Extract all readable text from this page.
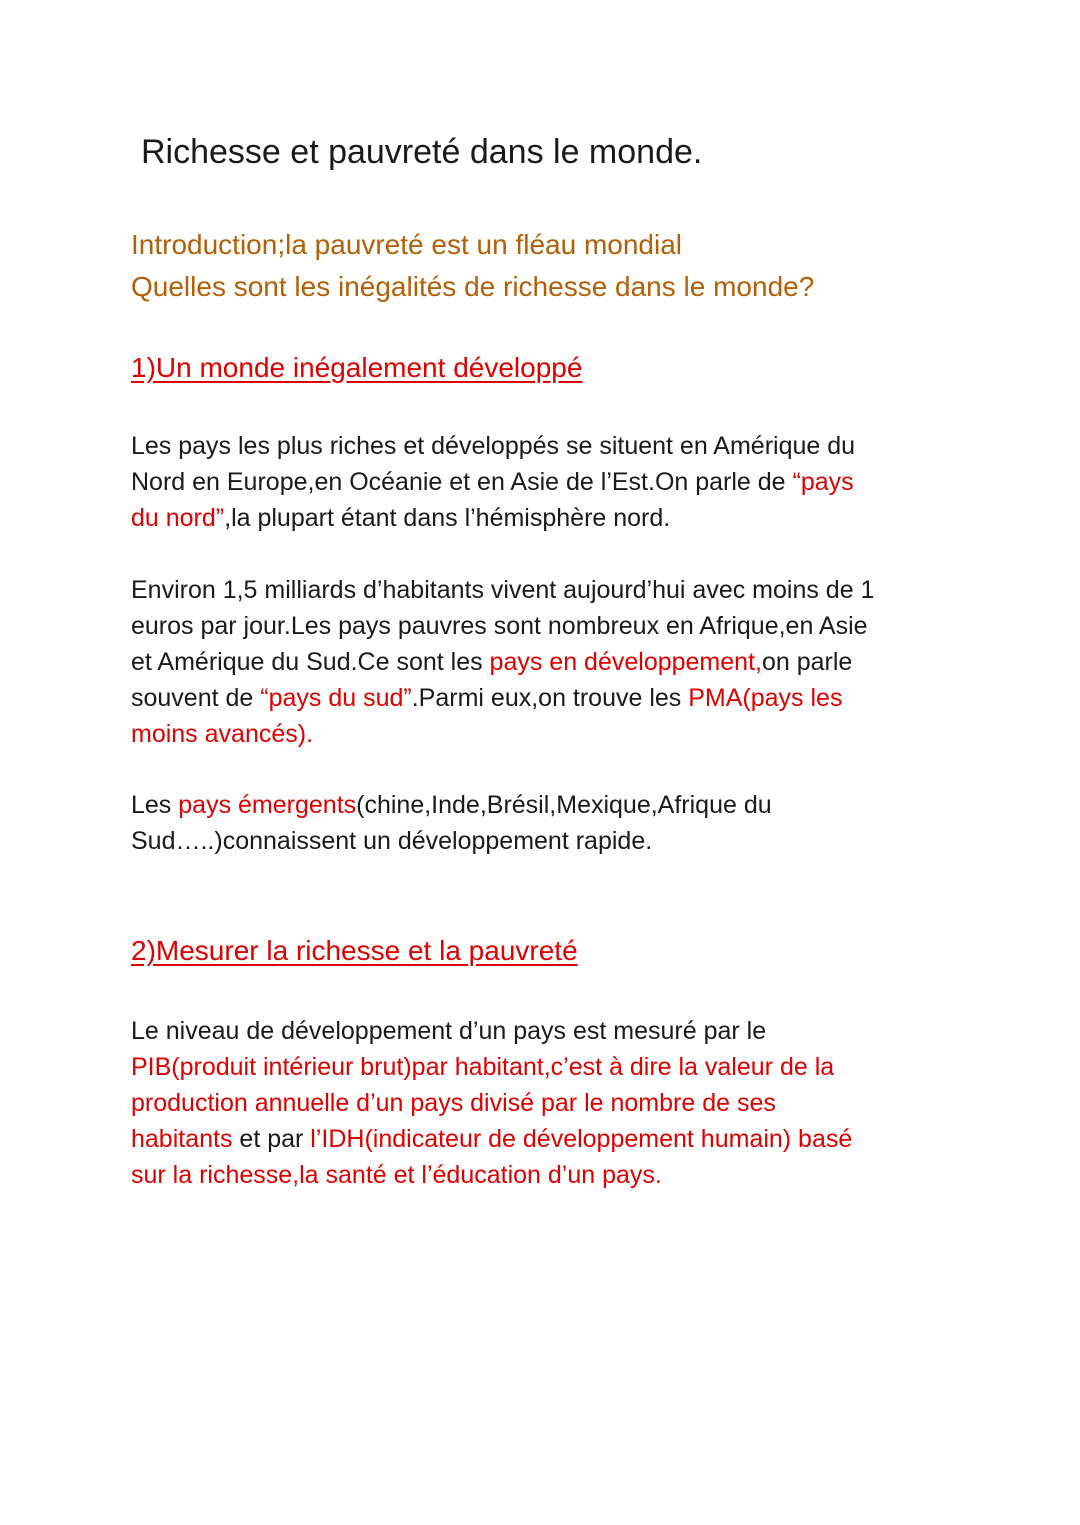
Richesse et pauvreté dans le monde.
Introduction;la pauvreté est un fléau mondial
Quelles sont les inégalités de richesse dans le monde?
1)Un monde inégalement développé

Les pays les plus riches et développés se situent en Amérique du
Nord en Europe,en Océanie et en Asie de l’Est.On parle de “pays
du nord”,la plupart étant dans l’hémisphère nord.

Environ 1,5 milliards d’habitants vivent aujourd’hui avec moins de 1
euros par jour.Les pays pauvres sont nombreux en Afrique,en Asie
et Amérique du Sud.Ce sont les pays en développement,on parle
souvent de “pays du sud”.Parmi eux,on trouve les PMA(pays les
moins avancés).

Les pays émergents(chine,Inde,Brésil,Mexique,Afrique du
Sud…..)connaissent un développement rapide.

2)Mesurer la richesse et la pauvreté

Le niveau de développement d’un pays est mesuré par le
PIB(produit intérieur brut)par habitant,c’est à dire la valeur de la
production annuelle d’un pays divisé par le nombre de ses
habitants et par l’IDH(indicateur de développement humain) basé
sur la richesse,la santé et l’éducation d’un pays.
